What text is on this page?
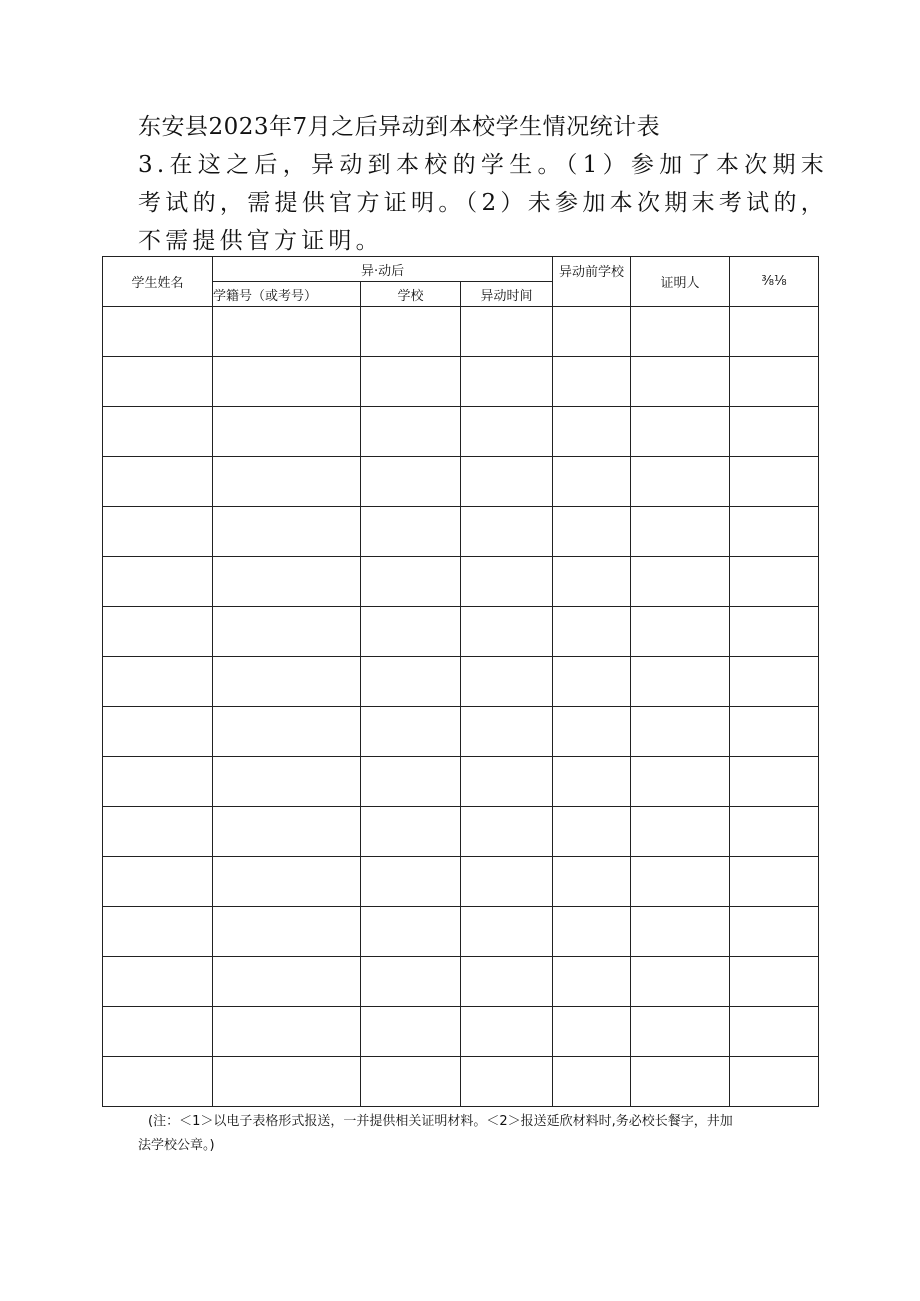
东安县2023年7月之后异动到本校学生情况统计表
3.在这之后，异动到本校的学生。（1）参加了本次期末考试的，需提供官方证明。（2）未参加本次期末考试的，不需提供官方证明。
学生姓名	异·动后			异动前学校	证明人	⅜⅛
	学籍号（或考号）	学校	异动时间			

(注：＜1＞以电子表格形式报送，一并提供相关证明材料。＜2＞报送延欣材料时,务必校长餐字，井加
法学校公章。)
